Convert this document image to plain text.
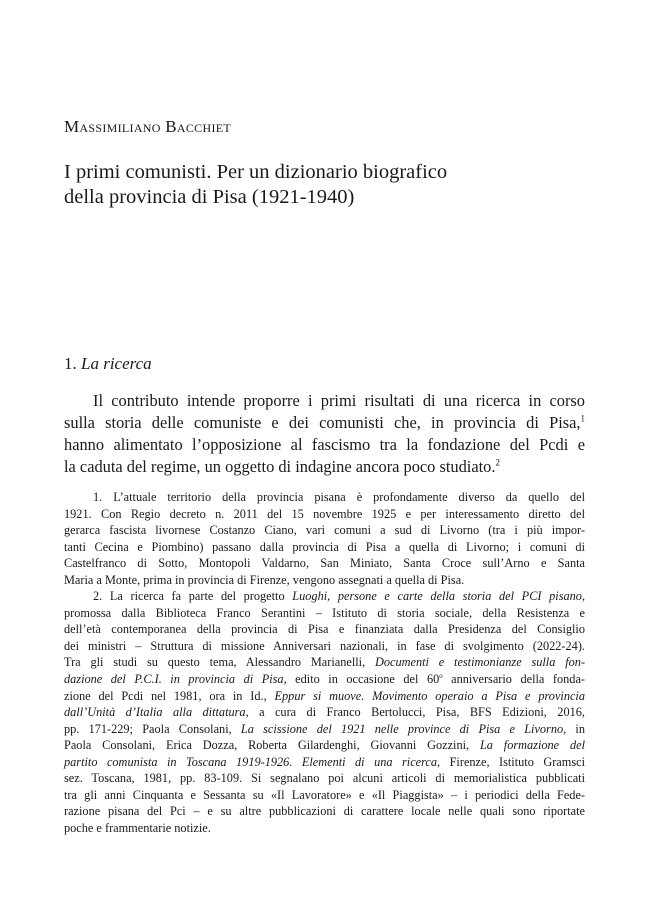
Massimiliano Bacchiet
I primi comunisti. Per un dizionario biografico
della provincia di Pisa (1921-1940)
1. La ricerca
Il contributo intende proporre i primi risultati di una ricerca in corso
sulla storia delle comuniste e dei comunisti che, in provincia di Pisa,$^1$
hanno alimentato l’opposizione al fascismo tra la fondazione del Pcdi e
la caduta del regime, un oggetto di indagine ancora poco studiato.$^2$
1. L’attuale territorio della provincia pisana è profondamente diverso da quello del
1921. Con Regio decreto n. 2011 del 15 novembre 1925 e per interessamento diretto del
gerarca fascista livornese Costanzo Ciano, vari comuni a sud di Livorno (tra i più impor-
tanti Cecina e Piombino) passano dalla provincia di Pisa a quella di Livorno; i comuni di
Castelfranco di Sotto, Montopoli Valdarno, San Miniato, Santa Croce sull’Arno e Santa
Maria a Monte, prima in provincia di Firenze, vengono assegnati a quella di Pisa.
2. La ricerca fa parte del progetto Luoghi, persone e carte della storia del PCI pisano,
promossa dalla Biblioteca Franco Serantini – Istituto di storia sociale, della Resistenza e
dell’età contemporanea della provincia di Pisa e finanziata dalla Presidenza del Consiglio
dei ministri – Struttura di missione Anniversari nazionali, in fase di svolgimento (2022-24).
Tra gli studi su questo tema, Alessandro Marianelli, Documenti e testimonianze sulla fon-
dazione del P.C.I. in provincia di Pisa, edito in occasione del 60$^o$ anniversario della fonda-
zione del Pcdi nel 1981, ora in Id., Eppur si muove. Movimento operaio a Pisa e provincia
dall’Unità d’Italia alla dittatura, a cura di Franco Bertolucci, Pisa, BFS Edizioni, 2016,
pp. 171-229; Paola Consolani, La scissione del 1921 nelle province di Pisa e Livorno, in
Paola Consolani, Erica Dozza, Roberta Gilardenghi, Giovanni Gozzini, La formazione del
partito comunista in Toscana 1919-1926. Elementi di una ricerca, Firenze, Istituto Gramsci
sez. Toscana, 1981, pp. 83-109. Si segnalano poi alcuni articoli di memorialistica pubblicati
tra gli anni Cinquanta e Sessanta su «Il Lavoratore» e «Il Piaggista» – i periodici della Fede-
razione pisana del Pci – e su altre pubblicazioni di carattere locale nelle quali sono riportate
poche e frammentarie notizie.
